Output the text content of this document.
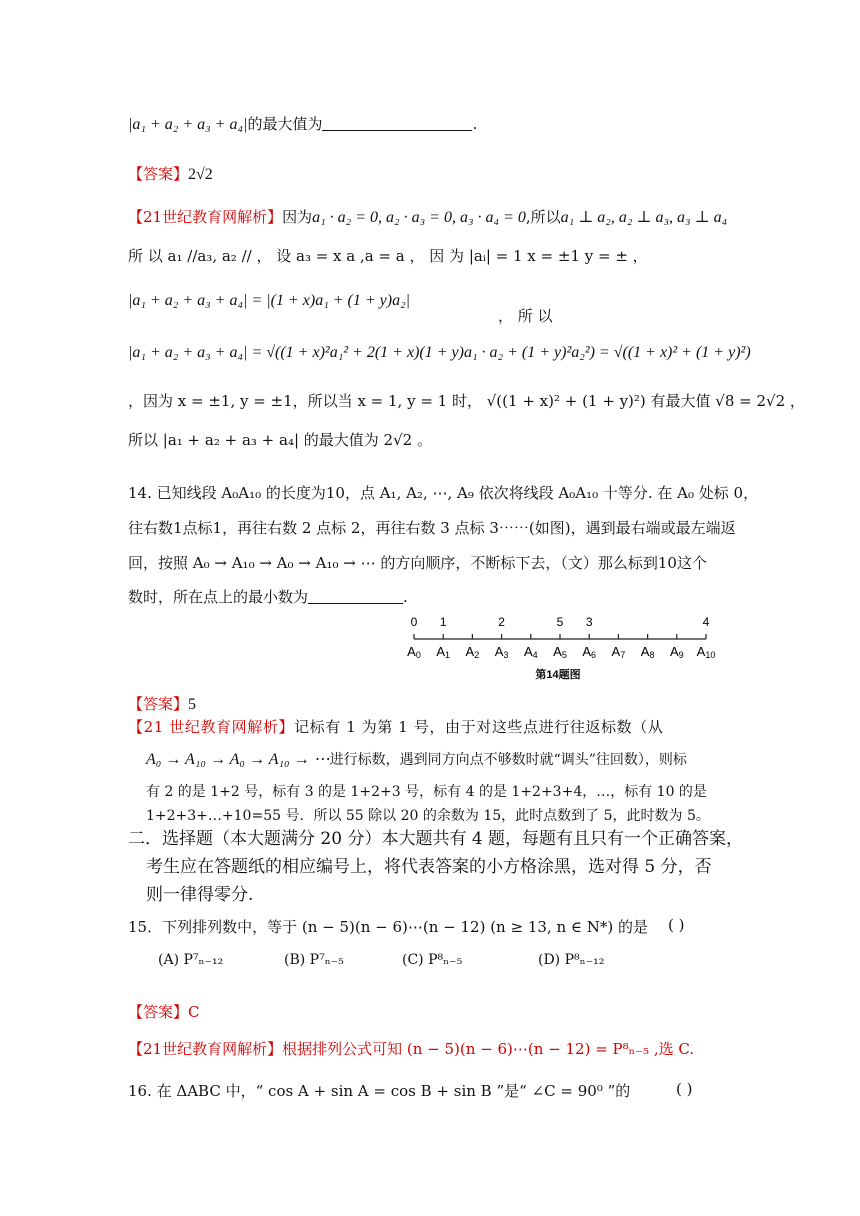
|a₁ + a₂ + a₃ + a₄|的最大值为	.
【答案】2√2
【21世纪教育网解析】因为a₁ · a₂ = 0, a₂ · a₃ = 0, a₃ · a₄ = 0,所以a₁ ⊥ a₂, a₂ ⊥ a₃, a₃ ⊥ a₄
所 以 a₁ //a₃, a₂ // ， 设 a₃ = x a ,a = a ， 因 为 |aᵢ| = 1 x = ±1 y = ± ，
|a₁ + a₂ + a₃ + a₄| = |(1 + x)a₁ + (1 + y)a₂|
， 所 以
|a₁ + a₂ + a₃ + a₄| = √((1 + x)²a₁² + 2(1 + x)(1 + y)a₁ · a₂ + (1 + y)²a₂²) = √((1 + x)² + (1 + y)²)
，因为 x = ±1, y = ±1，所以当 x = 1, y = 1 时， √((1 + x)² + (1 + y)²) 有最大值 √8 = 2√2 ，
所以 |a₁ + a₂ + a₃ + a₄| 的最大值为 2√2 。
14. 已知线段 A₀A₁₀ 的长度为10，点 A₁, A₂, ⋯, A₉ 依次将线段 A₀A₁₀ 十等分. 在 A₀ 处标 0，
往右数1点标1，再往右数 2 点标 2，再往右数 3 点标 3⋯⋯(如图)，遇到最右端或最左端返
回，按照 A₀ → A₁₀ → A₀ → A₁₀ → ⋯ 的方向顺序，不断标下去，（文）那么标到10这个
数时，所在点上的最小数为	.
0 1	2	5 3	4
A0 A1 A2 A3 A4 A5 A6 A7 A8 A9 A10
第14题图
【答案】5
【21 世纪教育网解析】记标有 1 为第 1 号，由于对这些点进行往返标数（从
A₀ → A₁₀ → A₀ → A₁₀ → ⋯进行标数，遇到同方向点不够数时就“调头”往回数），则标
有 2 的是 1+2 号，标有 3 的是 1+2+3 号，标有 4 的是 1+2+3+4，…，标有 10 的是
1+2+3+…+10=55 号．所以 55 除以 20 的余数为 15，此时点数到了 5，此时数为 5。
二．选择题（本大题满分 20 分）本大题共有 4 题，每题有且只有一个正确答案，
考生应在答题纸的相应编号上，将代表答案的小方格涂黑，选对得 5 分，否
则一律得零分.
15．下列排列数中，等于 (n − 5)(n − 6)⋯(n − 12) (n ≥ 13, n ∈ N*) 的是 ( )
(A) P⁷ₙ₋₁₂	(B) P⁷ₙ₋₅	(C) P⁸ₙ₋₅	(D) P⁸ₙ₋₁₂
【答案】C
【21世纪教育网解析】根据排列公式可知 (n − 5)(n − 6)⋯(n − 12) = P⁸ₙ₋₅ ,选 C.
16. 在 ΔABC 中，“ cos A + sin A = cos B + sin B ”是“ ∠C = 90⁰ ”的	( )
